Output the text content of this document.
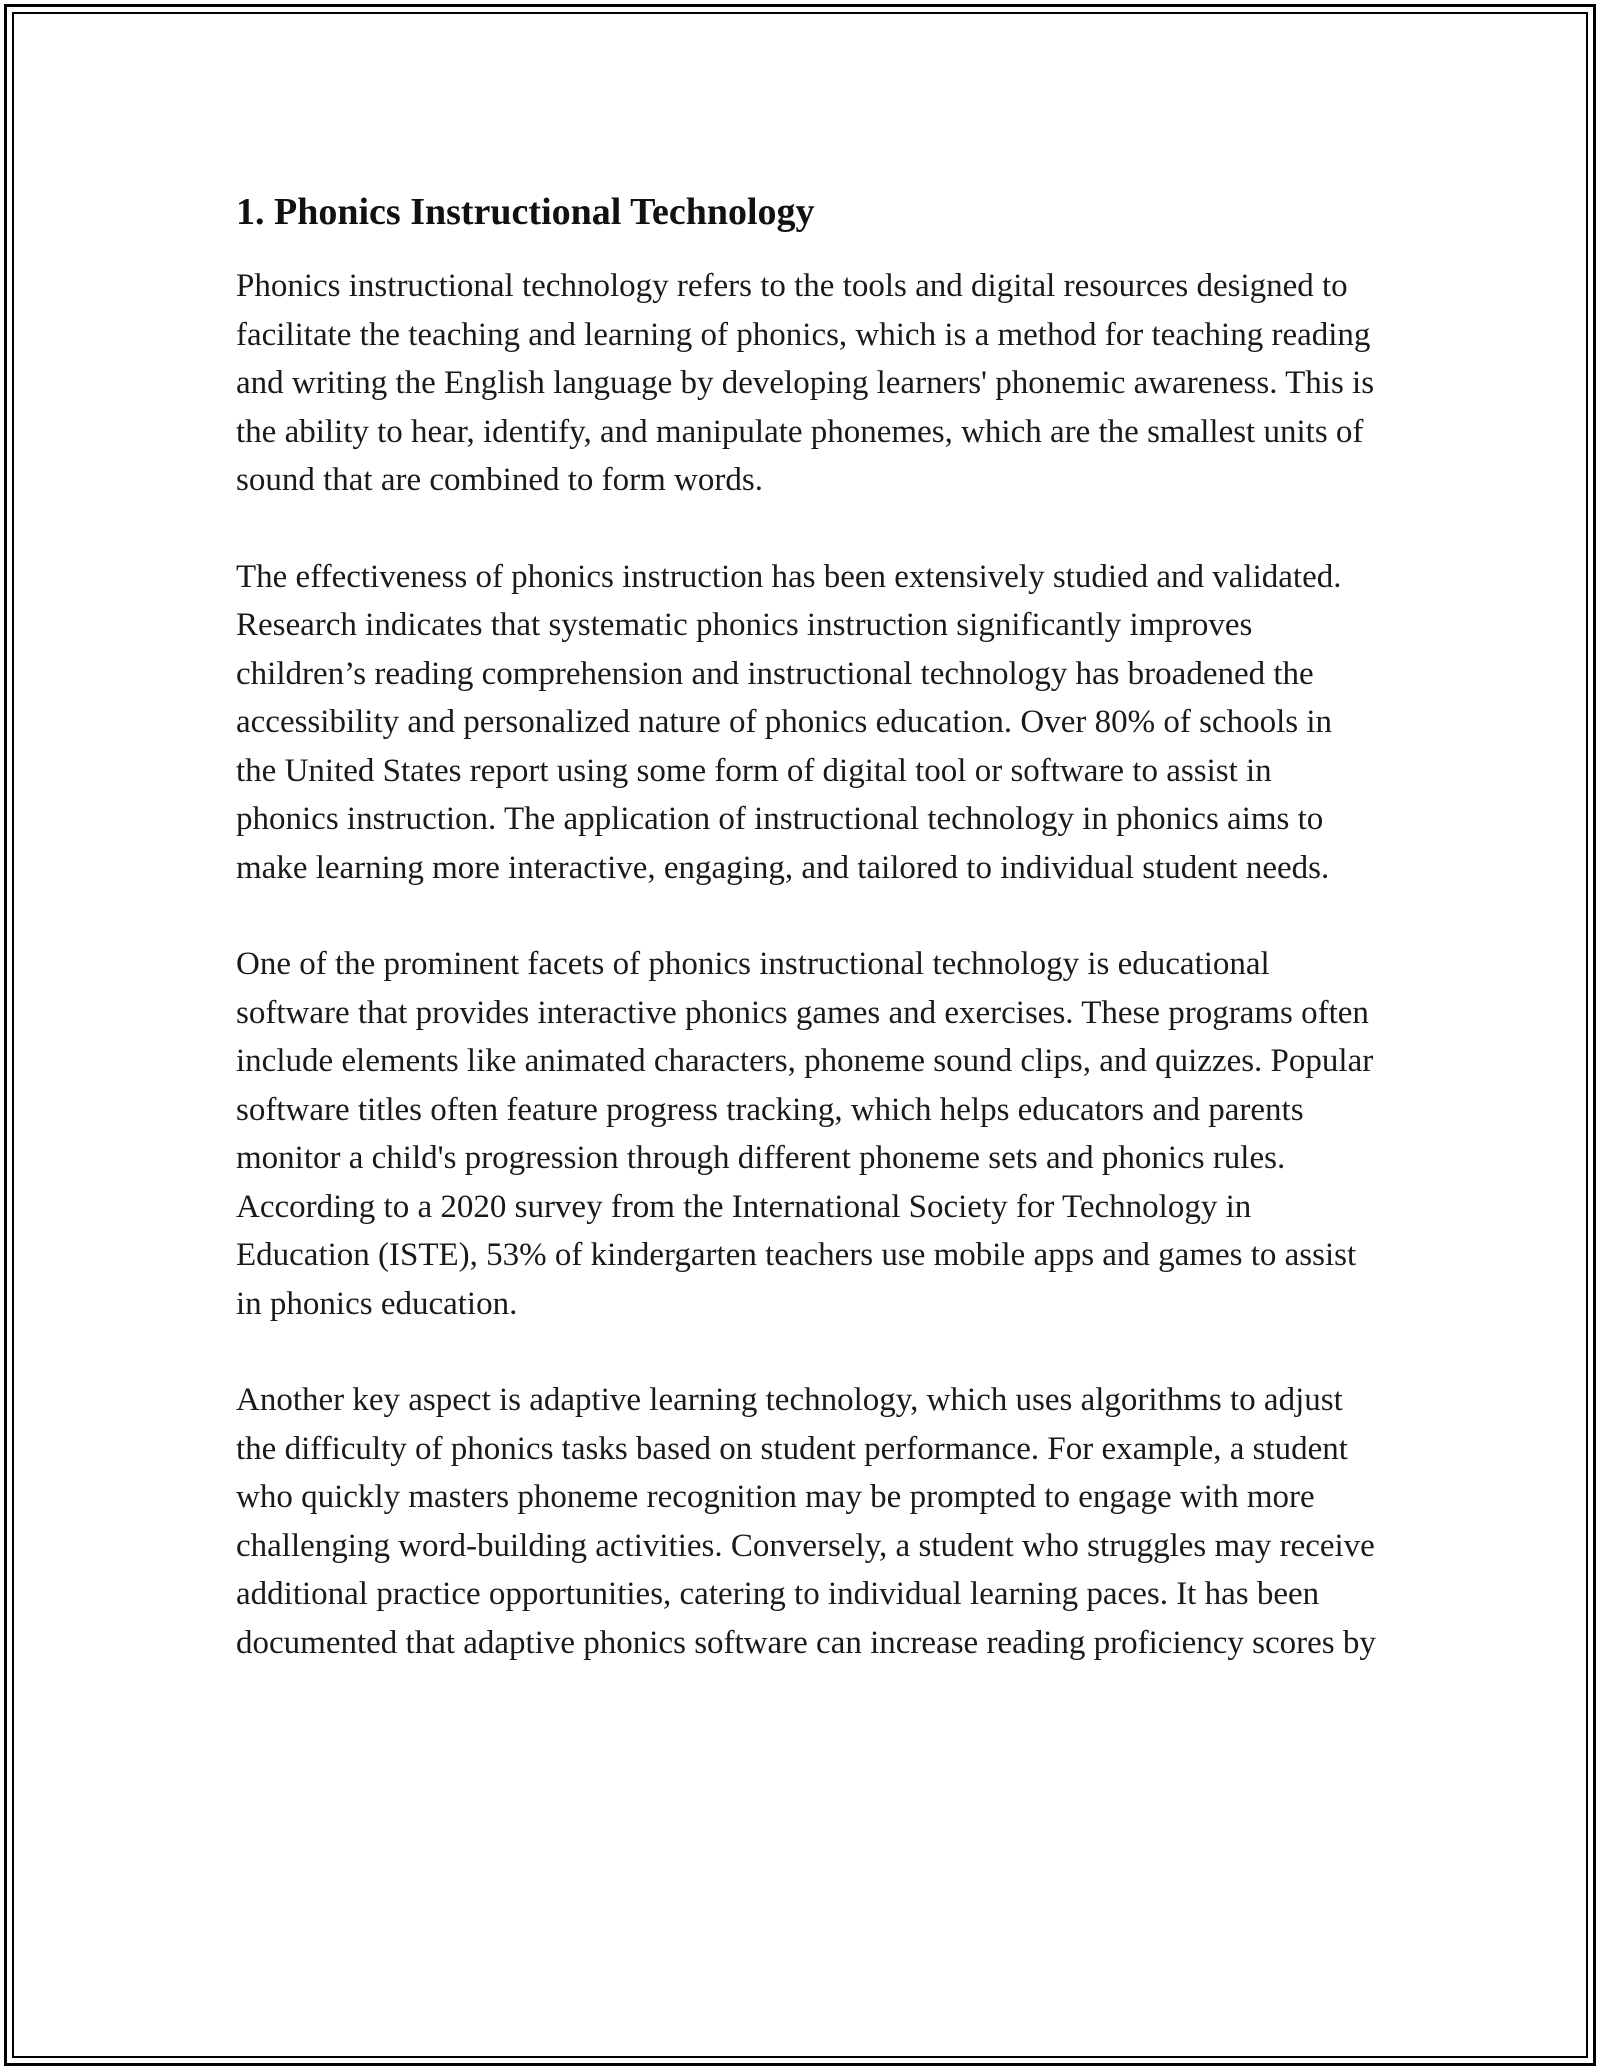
1. Phonics Instructional Technology

Phonics instructional technology refers to the tools and digital resources designed to facilitate the teaching and learning of phonics, which is a method for teaching reading and writing the English language by developing learners' phonemic awareness. This is the ability to hear, identify, and manipulate phonemes, which are the smallest units of sound that are combined to form words.

The effectiveness of phonics instruction has been extensively studied and validated. Research indicates that systematic phonics instruction significantly improves children’s reading comprehension and instructional technology has broadened the accessibility and personalized nature of phonics education. Over 80% of schools in the United States report using some form of digital tool or software to assist in phonics instruction. The application of instructional technology in phonics aims to make learning more interactive, engaging, and tailored to individual student needs.

One of the prominent facets of phonics instructional technology is educational software that provides interactive phonics games and exercises. These programs often include elements like animated characters, phoneme sound clips, and quizzes. Popular software titles often feature progress tracking, which helps educators and parents monitor a child's progression through different phoneme sets and phonics rules. According to a 2020 survey from the International Society for Technology in Education (ISTE), 53% of kindergarten teachers use mobile apps and games to assist in phonics education.

Another key aspect is adaptive learning technology, which uses algorithms to adjust the difficulty of phonics tasks based on student performance. For example, a student who quickly masters phoneme recognition may be prompted to engage with more challenging word-building activities. Conversely, a student who struggles may receive additional practice opportunities, catering to individual learning paces. It has been documented that adaptive phonics software can increase reading proficiency scores by
